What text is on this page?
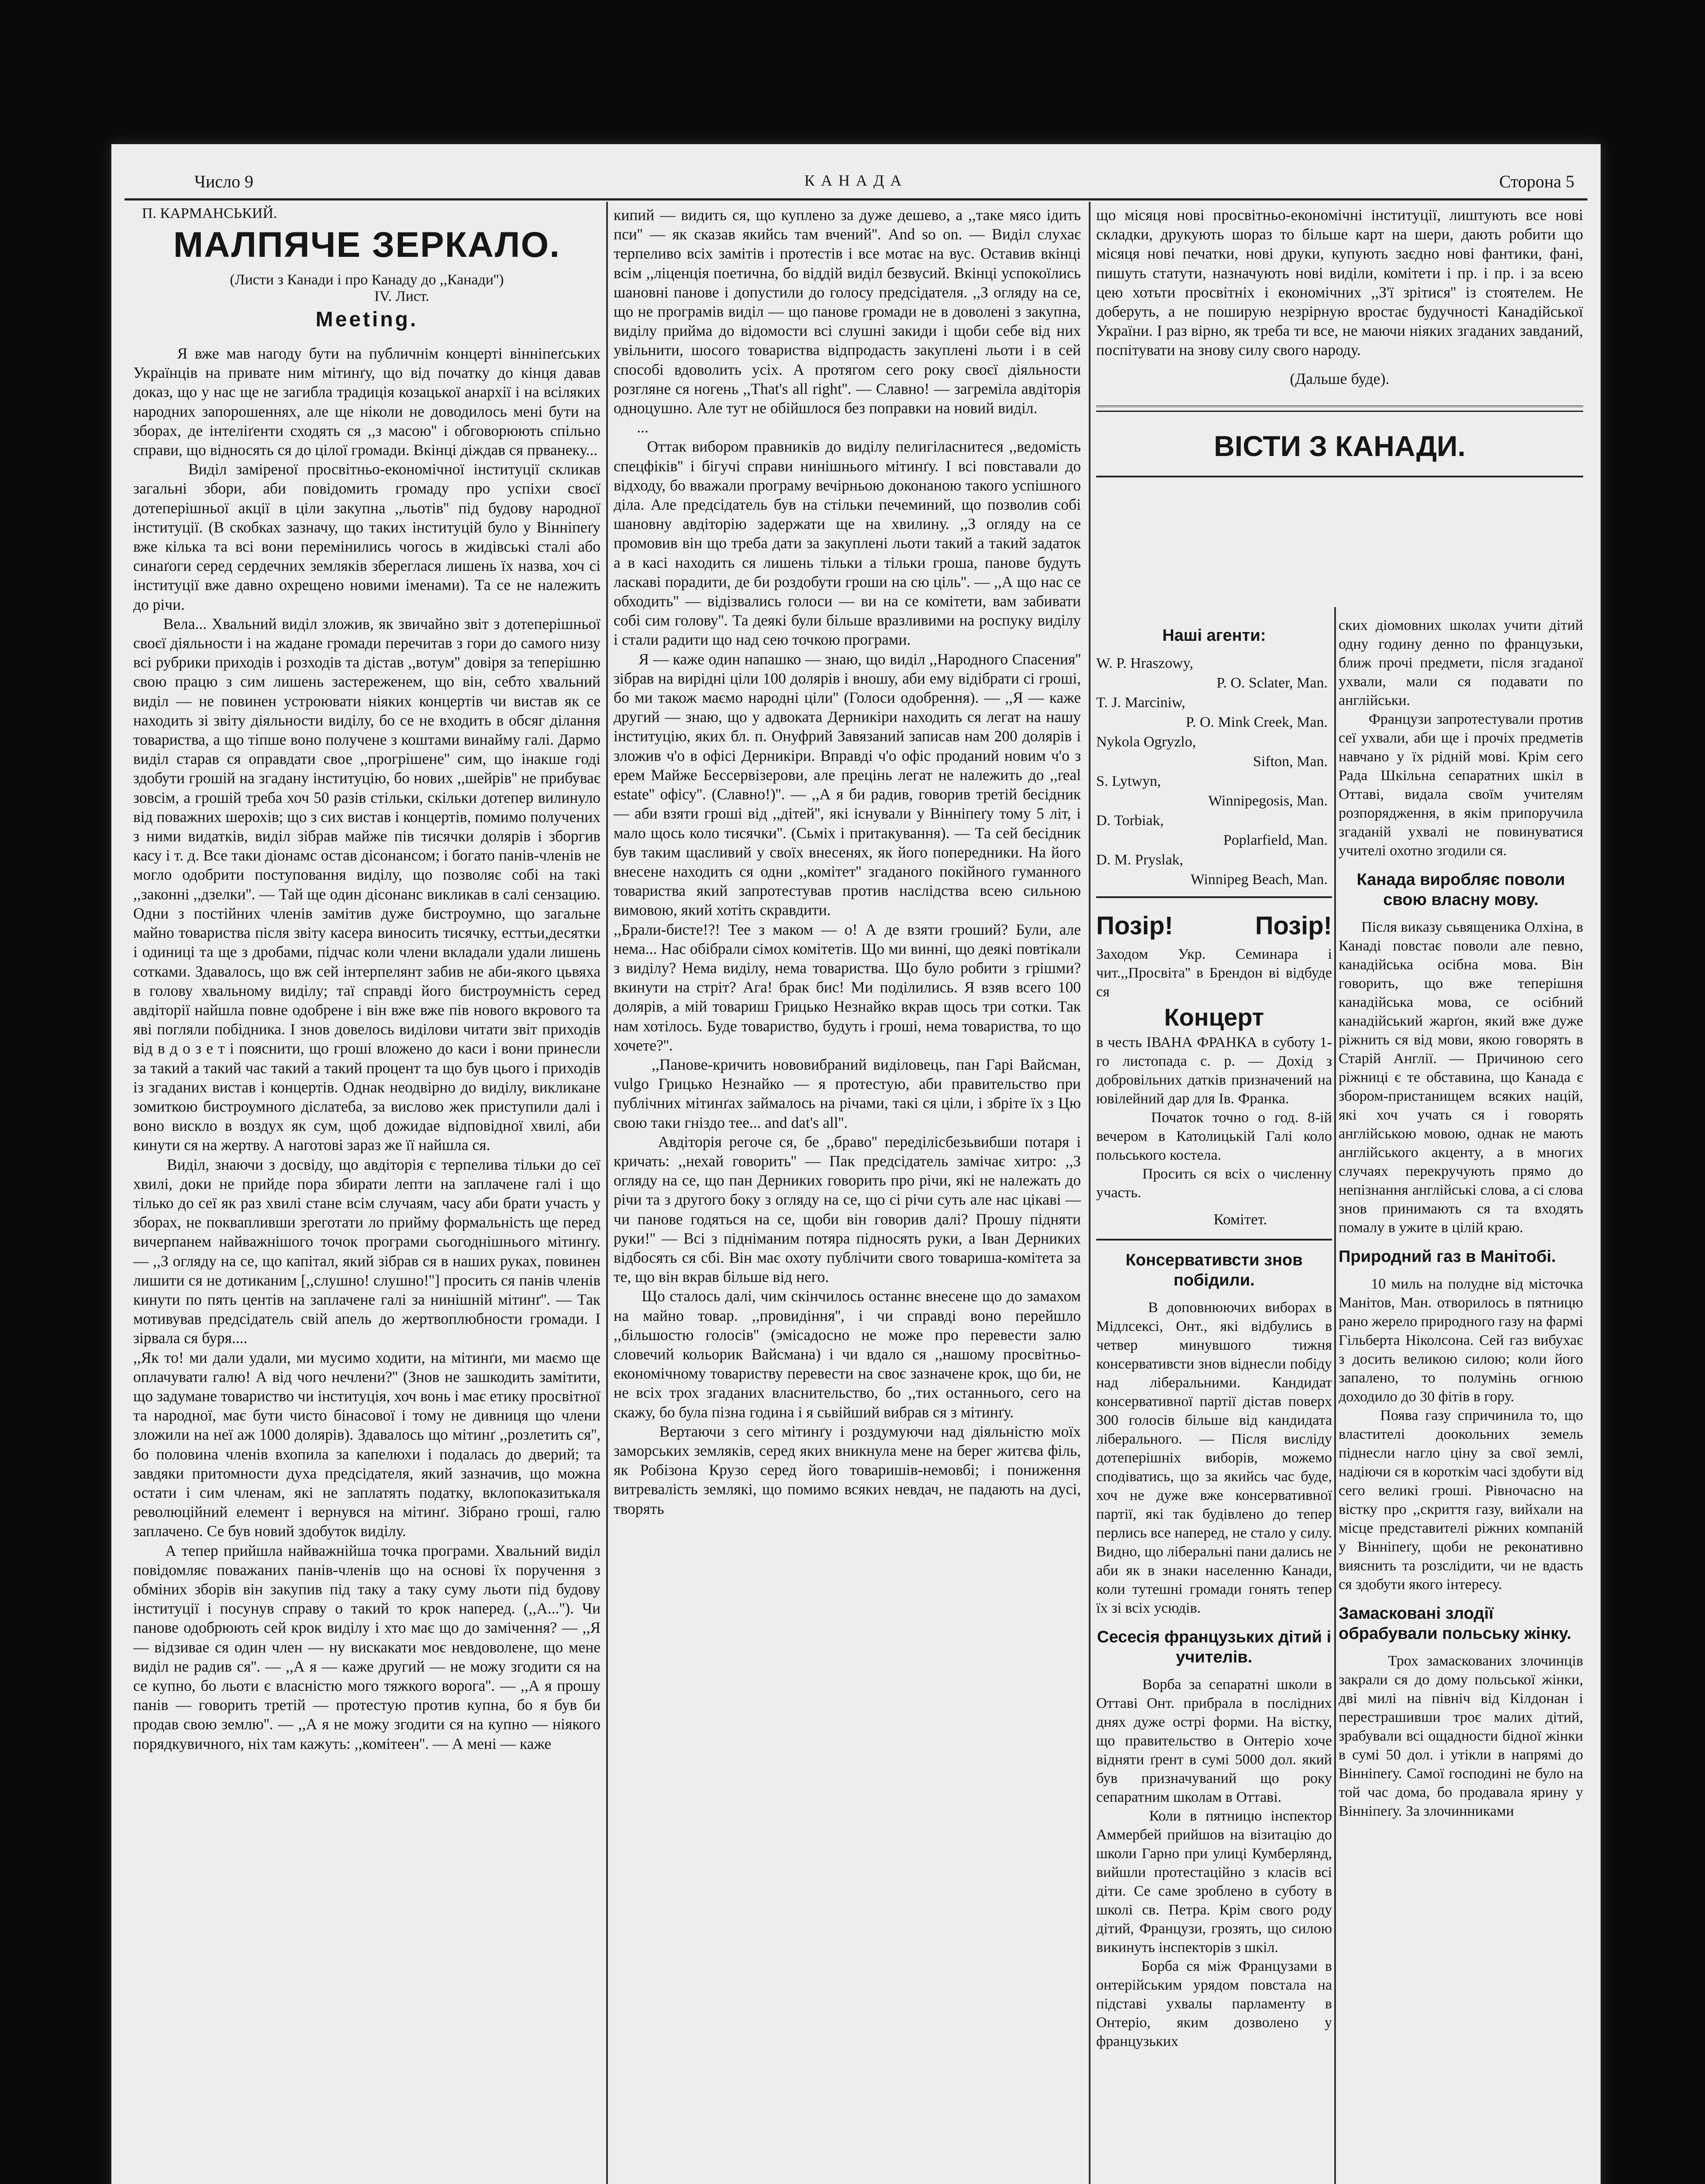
Число 9	КАНАДА	Сторона 5

П. КАРМАНСЬКИЙ.

МАЛПЯЧЕ ЗЕРКАЛО.

(Листи з Канади і про Канаду до ,,Канади'')

IV. Лист.

Meeting.

Я вже мав нагоду бути на публичнім концерті вінніпеґських Українців на привате ним мітинґу, що від початку до кінця давав доказ, що у нас ще не загибла традиція козацької анархії і на всіляких народних запорошеннях, але ще ніколи не доводилось мені бути на зборах, де інтеліґенти сходять ся ,,з масою'' і обговорюють спільно справи, що відносять ся до цілої громади. Вкінці діждав ся прванеку...
Виділ заміреної просвітньо-економічної інституції скликав загальні збори, аби повідомить громаду про успіхи своєї дотеперішньої акції в ціли закупна ,,льотів'' під будову народної інституції. (В скобках зазначу, що таких інституцій було у Вінніпеґу вже кілька та всі вони перемінились чогось в жидівські сталі або синаґоги серед сердечних земляків збереглася лишень їх назва, хоч сі інституції вже давно охрещено новими іменами). Та се не належить до річи.
Вела... Хвальний виділ зложив, як звичайно звіт з дотеперішньої своєї діяльности і на жадане громади перечитав з гори до самого низу всі рубрики приходів і розходів та дістав ,,вотум'' довіря за теперішню свою працю з сим лишень застереженем, що він, себто хвальний виділ — не повинен устроювати ніяких концертів чи вистав як се находить зі звіту діяльности виділу, бо се не входить в обсяг ділання товариства, а що тіпше воно получене з коштами винайму галі. Дармо виділ старав ся оправдати свое ,,прогрішене'' сим, що інакше годі здобути грошій на згадану інституцію, бо нових ,,шейрів'' не прибуває зовсім, а грошій треба хоч 50 разів стільки, скільки дотепер вилинуло від поважних шерохів; що з сих вистав і концертів, помимо получених з ними видатків, виділ зібрав майже пів тисячки долярів і зборгив касу і т. д. Все таки діонамс остав дісонансом; і богато панів-членів не могло одобрити поступовання виділу, що позволяє собі на такі ,,законні ,,дзелки''. — Тай ще один дісонанс викликав в салі сензацию. Одни з постійних членів замітив дуже бистроумно, що загальне майно товариства після звіту касера виносить тисячку, есттьи,десятки і одиниці та ще з дробами, підчас коли члени вкладали удали лишень сотками. Здавалось, що вж сей інтерпелянт забив не аби-якого цьвяха в голову хвальному виділу; таї справді його бистроумність серед авдіторії найшла повне одобрене і він вже вже пів нового вкрового та яві погляли побідника. І знов довелось виділови читати звіт приходів від в д о з е т і пояснити, що гроші вложено до каси і вони принесли за такий а такий час такий а такий процент та що був цього і приходів із згаданих вистав і концертів. Однак неодвірно до виділу, викликане зомиткою бистроумного діслатеба, за вислово жек приступили далі і воно вискло в воздух як сум, щоб дожидае відповідної хвилі, аби кинути ся на жертву. А наготові зараз же її найшла ся.
Виділ, знаючи з досвіду, що авдіторія є терпелива тільки до сеї хвилі, доки не прийде пора збирати лепти на заплачене галі і що тілько до сеї як раз хвилі стане всім случаям, часу аби брати участь у зборах, не поквапливши зреготати ло прийму формальність ще перед вичерпанем найважнішого точок програми сьогоднішнього мітинґу. — ,,З огляду на се, що капітал, який зібрав ся в наших руках, повинен лишити ся не дотиканим [,,слушно! слушно!''] просить ся панів членів кинути по пять центів на заплачене галі за нинішній мітинґ''. — Так мотивував предсідатель свій апель до жертвоплюбности громади. І зірвала ся буря....
,,Як то! ми дали удали, ми мусимо ходити, на мітинґи, ми маємо ще оплачувати галю! А від чого нечлени?'' (Знов не зашкодить замітити, що задумане товариство чи інституція, хоч вонь і має етику просвітної та народної, має бути чисто бінасової і тому не дивниця що члени зложили на неї аж 1000 долярів). Здавалось що мітинґ ,,розлетить ся'', бо половина членів вхопила за капелюхи і подалась до дверий; та завдяки притомности духа предсідателя, який зазначив, що можна остати і сим членам, які не заплатять податку, вклопоказитькаля революційний елемент і вернувся на мітинґ. Зібрано гроші, галю заплачено. Се був новий здобуток виділу.
А тепер прийшла найважнійша точка програми. Хвальний виділ повідомляє поважаних панів-членів що на основі їх поручення з обміних зборів він закупив під таку а таку суму льоти під будову інституції і посунув справу о такий то крок наперед. (,,А...''). Чи панове одобрюють сей крок виділу і хто має що до замічення? — ,,Я — відзивае ся один член — ну вискакати моє невдоволене, що мене виділ не радив ся''. — ,,А я — каже другий — не можу згодити ся на се купно, бо льоти є власністю мого тяжкого ворога''. — ,,А я прошу панів — говорить третій — протестую против купна, бо я був би продав свою землю''. — ,,А я не можу згодити ся на купно — ніякого порядкувичного, ніх там кажуть: ,,комітеен''. — А мені — каже

кипий — видить ся, що куплено за дуже дешево, а ,,таке мясо ідить пси'' — як сказав якийсь там вчений''. And so on. — Виділ слухає терпеливо всіх замітів і протестів і все мотає на вус. Оставив вкінці всім ,,ліценція поетична, бо віддій виділ безвусий. Вкінці успокоїлись шановні панове і допустили до голосу предсідателя. ,,З огляду на се, що не програмів виділ — що панове громади не в доволені з закупна, виділу прийма до відомости всі слушні закиди і щоби себе від них увільнити, шосого товариства відпродасть закуплені льоти і в сей способі вдоволить усіх. А протягом сего року своєї діяльности розгляне ся ногень ,,That's all right''. — Славно! — загреміла авдіторія одноцушно. Але тут не обійшлося без поправки на новий виділ.
...
Оттак вибором правників до виділу пелигіласнитеся ,,ведомість спецфіків'' і бігучі справи нинішнього мітинґу. І всі повставали до відходу, бо вважали програму вечірньою доконаною такого успішного діла. Але предсідатель був на стільки печеминий, що позволив собі шановну авдіторію задержати ще на хвилину. ,,З огляду на се промовив він що треба дати за закуплені льоти такий а такий задаток а в касі находить ся лишень тільки а тільки гроша, панове будуть ласкаві порадити, де би роздобути гроши на сю ціль''. — ,,А що нас се обходить'' — відізвались голоси — ви на се комітети, вам забивати собі сим голову''. Та деякі були більше вразливими на роспуку виділу і стали радити що над сею точкою програми.
Я — каже один напашко — знаю, що виділ ,,Народного Спасения'' зібрав на вирідні ціли 100 долярів і вношу, аби ему відібрати сі гроші, бо ми також маємо народні ціли'' (Голоси одобрення). — ,,Я — каже другий — знаю, що у адвоката Дерникіри находить ся легат на нашу інституцію, яких бл. п. Онуфрий Завязаний записав нам 200 долярів і зложив ч'о в офісі Дерникіри. Вправді ч'о офіс проданий новим ч'о з ерем Майже Бессервізерови, але прецінь легат не належить до ,,real estate'' офісу''. (Славно!)''. — ,,А я би радив, говорив третій бесідник — аби взяти гроші від ,,дітей'', які існували у Вінніпеґу тому 5 літ, і мало щось коло тисячки''. (Сьміх і притакування). — Та сей бесідник був таким щасливий у своїх внесенях, як його попередники. На його внесене находить ся одни ,,комітет'' згаданого покійного гуманного товариства який запротестував против наслідства всею сильною вимовою, який хотіть скравдити.
,,Брали-бисте!?! Тее з маком — о! А де взяти гроший? Були, але нема... Нас обібрали сімох комітетів. Що ми винні, що деякі повтікали з виділу? Нема виділу, нема товариства. Що було робити з грішми? вкинути на стріт? Ага! брак бис! Ми поділились. Я взяв всего 100 долярів, а мій товариш Грицько Незнайко вкрав щось три сотки. Так нам хотілось. Буде товариство, будуть і гроші, нема товариства, то що хочете?''.
,,Панове-кричить нововибраний виділовець, пан Гарі Вайсман, vulgo Грицько Незнайко — я протестую, аби правительство при публічних мітинґах займалось на річами, такі ся ціли, і збріте їх з Цю свою таки гніздо тее... and dat's all''.
Авдіторія регоче ся, бе ,,браво'' переділісбезьвибши потаря і кричать: ,,нехай говорить'' — Пак предсідатель замічає хитро: ,,З огляду на се, що пан Дерниких говорить про річи, які не належать до річи та з другого боку з огляду на се, що сі річи суть але нас цікаві — чи панове годяться на се, щоби він говорив далі? Прошу підняти руки!'' — Всі з підніманим потяра підносять руки, а Іван Дерниких відбосять ся сбі. Він має охоту публічити свого товариша-комітета за те, що він вкрав більше від него.
Що сталось далі, чим скінчилось останнє внесене що до замахом на майно товар. ,,провидіння'', і чи справді воно перейшло ,,більшостю голосів'' (эмісадосно не може про перевести залю словечий кольорик Вайсмана) і чи вдало ся ,,нашому просвітньо-економічному товариству перевести на своє зазначене крок, що би, не не всіх трох згаданих власнительство, бо ,,тих останнього, сего на скажу, бо була пізна година і я сьвійший вибрав ся з мітинґу.
Вертаючи з сего мітинґу і роздумуючи над діяльністю моїх заморських земляків, серед яких вникнула мене на берег житєва філь, як Робізона Крузо серед його товаришів-немовбі; і пониження витревалість землякі, що помимо всяких невдач, не падають на дусі, творять

що місяця нові просвітньо-економічні інституції, лиштують все нові складки, друкують шораз то більше карт на шери, дають робити що місяця нові печатки, нові друки, купують заєдно нові фантики, фані, пишуть статути, назначують нові виділи, комітети і пр. і пр. і за всею цею хотьти просвітніх і економічних ,,З'ї зрітися'' із стоятелем. Не доберуть, а не поширую незрірную вростає будучності Канадійської України. І раз вірно, як треба ти все, не маючи ніяких згаданих завданий, поспітувати на знову силу свого народу.

(Дальше буде).

ВІСТИ З КАНАДИ.
Наші агенти:
W. P. Hraszowy,
P. O. Sclater, Man.
T. J. Marciniw,
P. O. Mink Creek, Man.
Nykola Ogryzlo,
Sifton, Man.
S. Lytwyn,
Winnipegosis, Man.
D. Torbiak,
Poplarfield, Man.
D. M. Pryslak,
Winnipeg Beach, Man.
Позір!	Позір!

Заходом Укр. Семинара і чит.,,Просвіта'' в Брендон ві відбуде ся

Концерт

в честь ІВАНА ФРАНКА в суботу 1-го листопада с. р. — Дохід з добровільних датків призначений на ювілейний дар для Ів. Франка.
Початок точно о год. 8-ій вечером в Католицькій Галі коло польського костела.
Просить ся всіх о численну участь.

Комітет.

Консервативсти знов побідили.

В доповнюючих виборах в Мідлсексі, Онт., які відбулись в четвер минувшого тижня консервативсти знов віднесли побіду над ліберальними. Кандидат консервативної партії дістав поверх 300 голосів більше від кандидата ліберального. — Після висліду дотеперішніх виборів, можемо сподіватись, що за якийсь час буде, хоч не дуже вже консервативної партії, які так будівлено до тепер перлись все наперед, не стало у силу. Видно, що ліберальні пани дались не аби як в знаки населенню Канади, коли тутешні громади гонять тепер їх зі всіх усюдів.

Сесесія французьких дітий і учителів.

Ворба за сепаратні школи в Оттаві Онт. прибрала в послідних днях дуже острі форми. На вістку, що правительство в Онтеріо хоче відняти ґрент в сумі 5000 дол. який був призначуваний що року сепаратним школам в Оттаві.
Коли в пятницю інспектор Аммербей прийшов на візитацію до школи Гарно при улиці Кумберлянд, вийшли протестаційно з класів всі діти. Се саме зроблено в суботу в школі св. Петра. Крім свого роду дітий, Французи, грозять, що силою викинуть інспекторів з шкіл.
Борба ся між Французами в онтерійським урядом повстала на підставі ухвалы парламенту в Онтеріо, яким дозволено у французьких

ских діомовних школах учити дітий одну годину денно по французьки, ближ прочі предмети, після згаданої ухвали, мали ся подавати по англійськи.
Французи запротестували против сеї ухвали, аби ще і прочіх предметів навчано у їх рідній мові. Крім сего Рада Шкільна сепаратних шкіл в Оттаві, видала своїм учителям розпорядження, в якім припоручила згаданій ухвалі не повинуватися учителі охотно згодили ся.

Канада виробляє поволи свою власну мову.

Після виказу сьвященика Олхіна, в Канаді повстає поволи але певно, канадійська осібна мова. Він говорить, що вже теперішня канадійська мова, се осібний канадійський жарґон, який вже дуже ріжнить ся від мови, якою говорять в Старій Англії. — Причиною сего ріжниці є те обставина, що Канада є збором-пристанищем всяких націй, які хоч учать ся і говорять англійською мовою, однак не мають англійського акценту, а в многих случаях перекручують прямо до непізнання англійські слова, а сі слова знов принимають ся та входять помалу в ужите в цілій краю.

Природний газ в Манітобі.

10 миль на полудне від місточка Манітов, Ман. отворилось в пятницю рано жерело природного газу на фармі Гільберта Ніколсона. Сей газ вибухає з досить великою силою; коли його запалено, то полумінь огнюю доходило до 30 фітів в гору.
Поява газу спричинила то, що властителі доокольних земель піднесли нагло ціну за свої землі, надіючи ся в короткім часі здобути від сего великі гроші. Рівночасно на вістку про ,,скриття газу, вийхали на місце представителі ріжних компаній у Вінніпеґу, щоби не реконативно вияснить та розслідити, чи не вдасть ся здобути якого інтересу.

Замасковані злодії обрабували польську жінку.

Трох замаскованих злочинців закрали ся до дому польської жінки, дві милі на північ від Кілдонан і перестрашивши троє малих дітий, зрабували всі ощадности бідної жінки в сумі 50 дол. і утікли в напрямі до Вінніпеґу. Самої господині не було на той час дома, бо продавала ярину у Вінніпеґу. За злочинниками
